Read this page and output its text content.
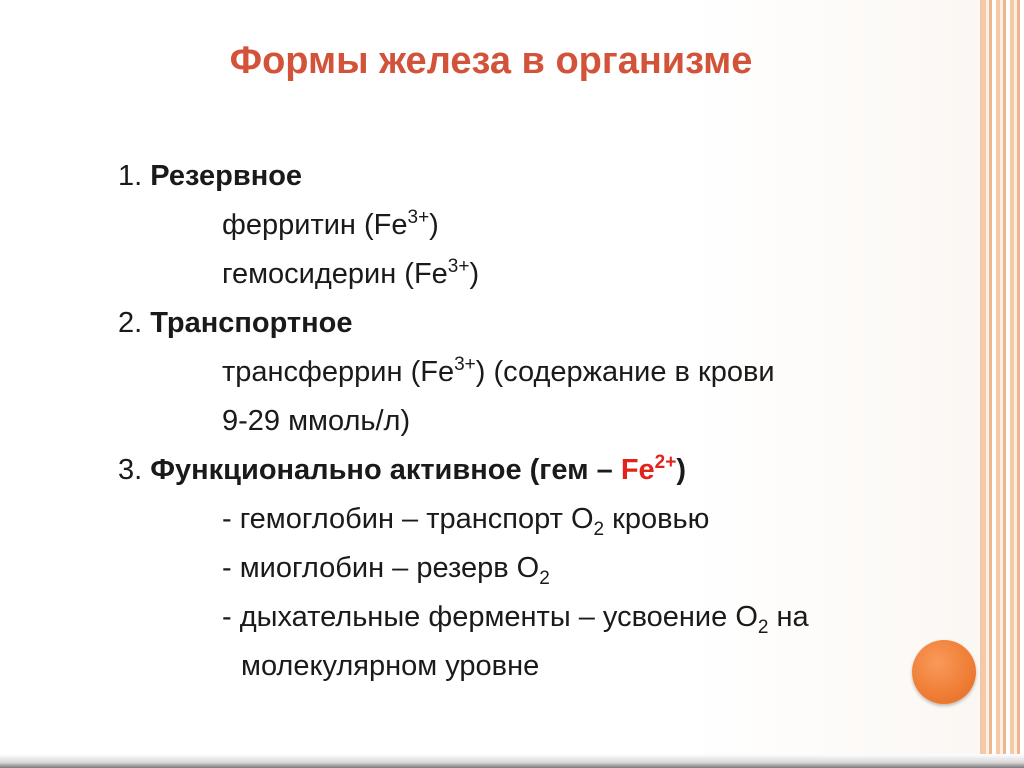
Формы железа в организме
1. Резервное
ферритин $(Fe^{3+})$
гемосидерин $(Fe^{3+})$
2. Транспортное
трансферрин $(Fe^{3+})$ (содержание в крови
9-29 ммоль/л)
3. Функционально активное $(гем - Fe^{2+})$
- гемоглобин – транспорт $О_2$ кровью
- миоглобин – резерв $О_2$
- дыхательные ферменты – усвоение $О_2$ на
молекулярном уровне
